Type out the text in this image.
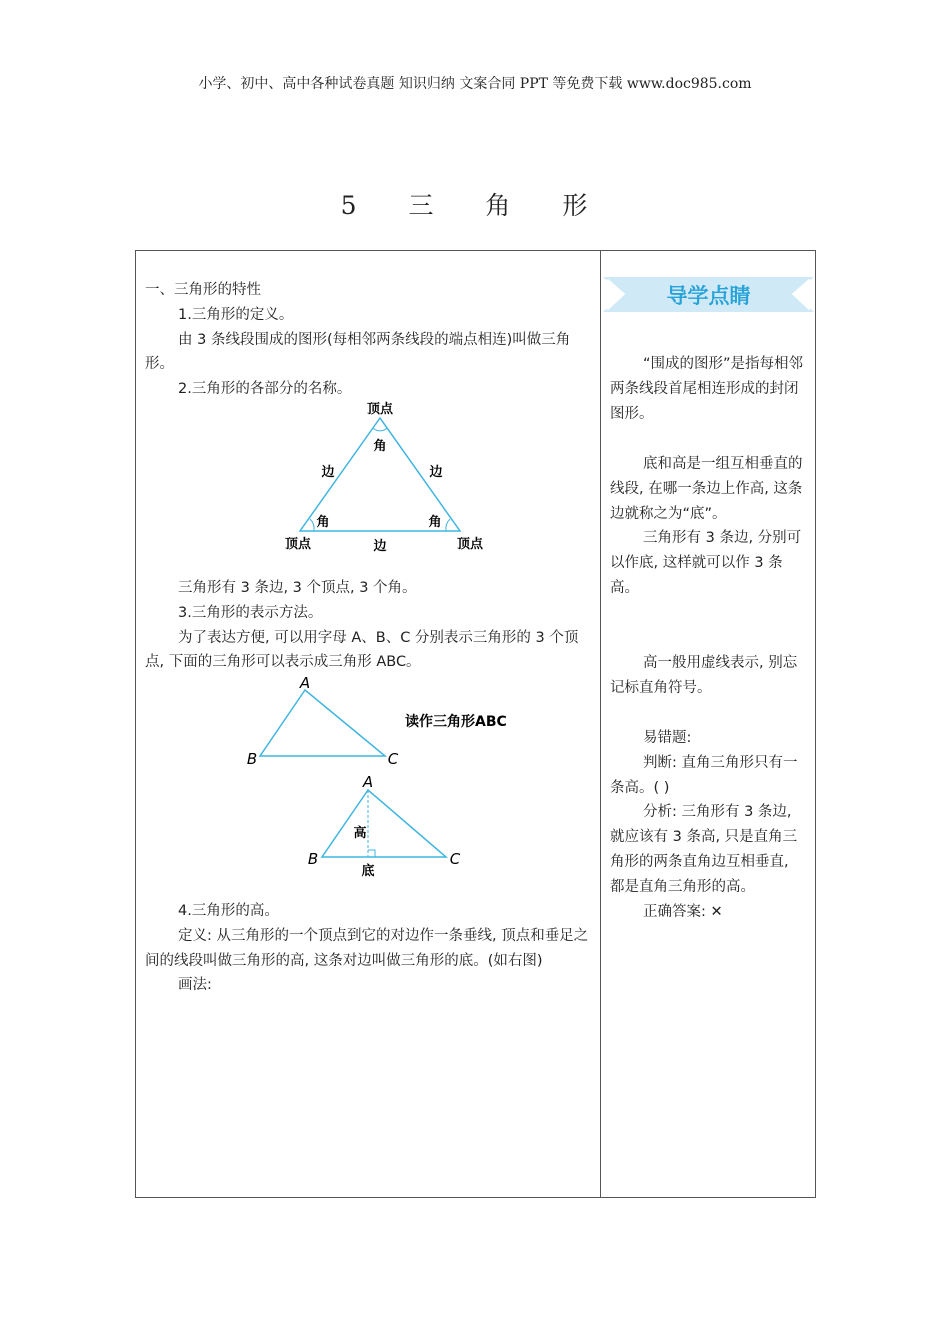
小学、初中、高中各种试卷真题 知识归纳 文案合同 PPT 等免费下载 www.doc985.com
5 三 角 形

一、三角形的特性

1.三角形的定义。

由 3 条线段围成的图形(每相邻两条线段的端点相连)叫做三角形。

2.三角形的各部分的名称。

顶点
角
边	边
角	角
顶点	边	顶点

三角形有 3 条边, 3 个顶点, 3 个角。

3.三角形的表示方法。

为了表达方便, 可以用字母 A、B、C 分别表示三角形的 3 个顶点, 下面的三角形可以表示成三角形 ABC。

A
B	C
读作三角形ABC
A
B	C
高
底

4.三角形的高。

定义: 从三角形的一个顶点到它的对边作一条垂线, 顶点和垂足之间的线段叫做三角形的高, 这条对边叫做三角形的底。(如右图)

画法:

导学点睛

“围成的图形”是指每相邻两条线段首尾相连形成的封闭图形。

底和高是一组互相垂直的线段, 在哪一条边上作高, 这条边就称之为“底”。

三角形有 3 条边, 分别可以作底, 这样就可以作 3 条高。

高一般用虚线表示, 别忘记标直角符号。

易错题:

判断: 直角三角形只有一条高。( )

分析: 三角形有 3 条边, 就应该有 3 条高, 只是直角三角形的两条直角边互相垂直, 都是直角三角形的高。

正确答案: ✕
